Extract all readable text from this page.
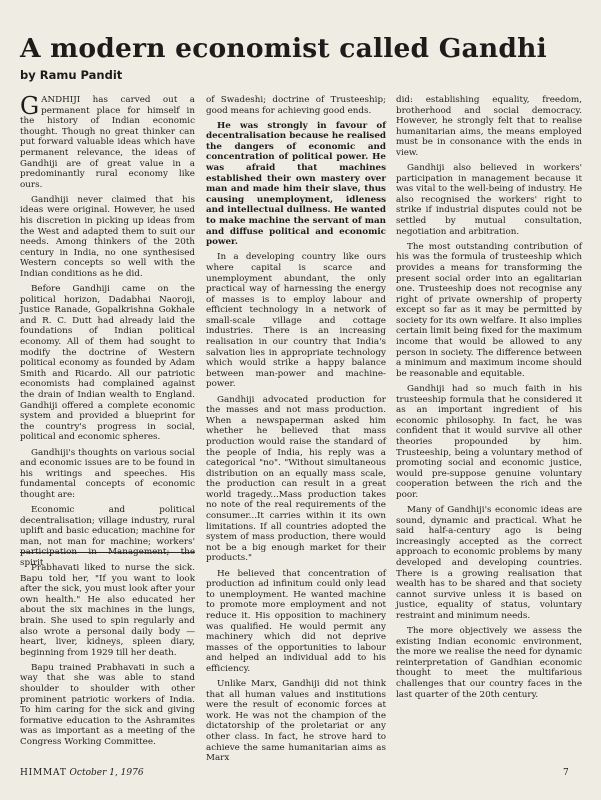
A modern economist called Gandhi
by Ramu Pandit

GANDHIJI has carved out a permanent place for himself in the history of Indian economic thought. Though no great thinker can put forward valuable ideas which have permanent relevance, the ideas of Gandhiji are of great value in a predominantly rural economy like ours.

Gandhiji never claimed that his ideas were original. However, he used his discretion in picking up ideas from the West and adapted them to suit our needs. Among thinkers of the 20th century in India, no one synthesised Western concepts so well with the Indian conditions as he did.

Before Gandhiji came on the political horizon, Dadabhai Naoroji, Justice Ranade, Gopalkrishna Gokhale and R. C. Dutt had already laid the foundations of Indian political economy. All of them had sought to modify the doctrine of Western political economy as founded by Adam Smith and Ricardo. All our patriotic economists had complained against the drain of Indian wealth to England. Gandhiji offered a complete economic system and provided a blueprint for the country's progress in social, political and economic spheres.

Gandhiji's thoughts on various social and economic issues are to be found in his writings and speeches. His fundamental concepts of economic thought are:

Economic and political decentralisation; village industry, rural uplift and basic education; machine for man, not man for machine; workers' participation in Management; the spirit

Prabhavati liked to nurse the sick. Bapu told her, "If you want to look after the sick, you must look after your own health." He also educated her about the six machines in the lungs, brain. She used to spin regularly and also wrote a personal daily body — heart, liver, kidneys, spleen diary, beginning from 1929 till her death.

Bapu trained Prabhavati in such a way that she was able to stand shoulder to shoulder with other prominent patriotic workers of India. To him caring for the sick and giving formative education to the Ashramites was as important as a meeting of the Congress Working Committee.

of Swadeshi; doctrine of Trusteeship; good means for achieving good ends.

He was strongly in favour of decentralisation because he realised the dangers of economic and concentration of political power. He was afraid that machines established their own mastery over man and made him their slave, thus causing unemployment, idleness and intellectual dullness. He wanted to make machine the servant of man and diffuse political and economic power.

In a developing country like ours where capital is scarce and unemployment abundant, the only practical way of harnessing the energy of masses is to employ labour and efficient technology in a network of small-scale village and cottage industries. There is an increasing realisation in our country that India's salvation lies in appropriate technology which would strike a happy balance between man-power and machine-power.

Gandhiji advocated production for the masses and not mass production. When a newspaperman asked him whether he believed that mass production would raise the standard of the people of India, his reply was a categorical "no". "Without simultaneous distribution on an equally mass scale, the production can result in a great world tragedy...Mass production takes no note of the real requirements of the consumer...It carries within it its own limitations. If all countries adopted the system of mass production, there would not be a big enough market for their products."

He believed that concentration of production ad infinitum could only lead to unemployment. He wanted machine to promote more employment and not reduce it. His opposition to machinery was qualified. He would permit any machinery which did not deprive masses of the opportunities to labour and helped an individual add to his efficiency.

Unlike Marx, Gandhiji did not think that all human values and institutions were the result of economic forces at work. He was not the champion of the dictatorship of the proletariat or any other class. In fact, he strove hard to achieve the same humanitarian aims as Marx

did: establishing equality, freedom, brotherhood and social democracy. However, he strongly felt that to realise humanitarian aims, the means employed must be in consonance with the ends in view.

Gandhiji also believed in workers' participation in management because it was vital to the well-being of industry. He also recognised the workers' right to strike if industrial disputes could not be settled by mutual consultation, negotiation and arbitration.

The most outstanding contribution of his was the formula of trusteeship which provides a means for transforming the present social order into an egalitarian one. Trusteeship does not recognise any right of private ownership of property except so far as it may be permitted by society for its own welfare. It also implies certain limit being fixed for the maximum income that would be allowed to any person in society. The difference between a minimum and maximum income should be reasonable and equitable.

Gandhiji had so much faith in his trusteeship formula that he considered it as an important ingredient of his economic philosophy. In fact, he was confident that it would survive all other theories propounded by him. Trusteeship, being a voluntary method of promoting social and economic justice, would pre-suppose genuine voluntary cooperation between the rich and the poor.

Many of Gandhiji's economic ideas are sound, dynamic and practical. What he said half-a-century ago is being increasingly accepted as the correct approach to economic problems by many developed and developing countries. There is a growing realisation that wealth has to be shared and that society cannot survive unless it is based on justice, equality of status, voluntary restraint and minimum needs.

The more objectively we assess the existing Indian economic environment, the more we realise the need for dynamic reinterpretation of Gandhian economic thought to meet the multifarious challenges that our country faces in the last quarter of the 20th century.

HIMMAT October 1, 1976	7
